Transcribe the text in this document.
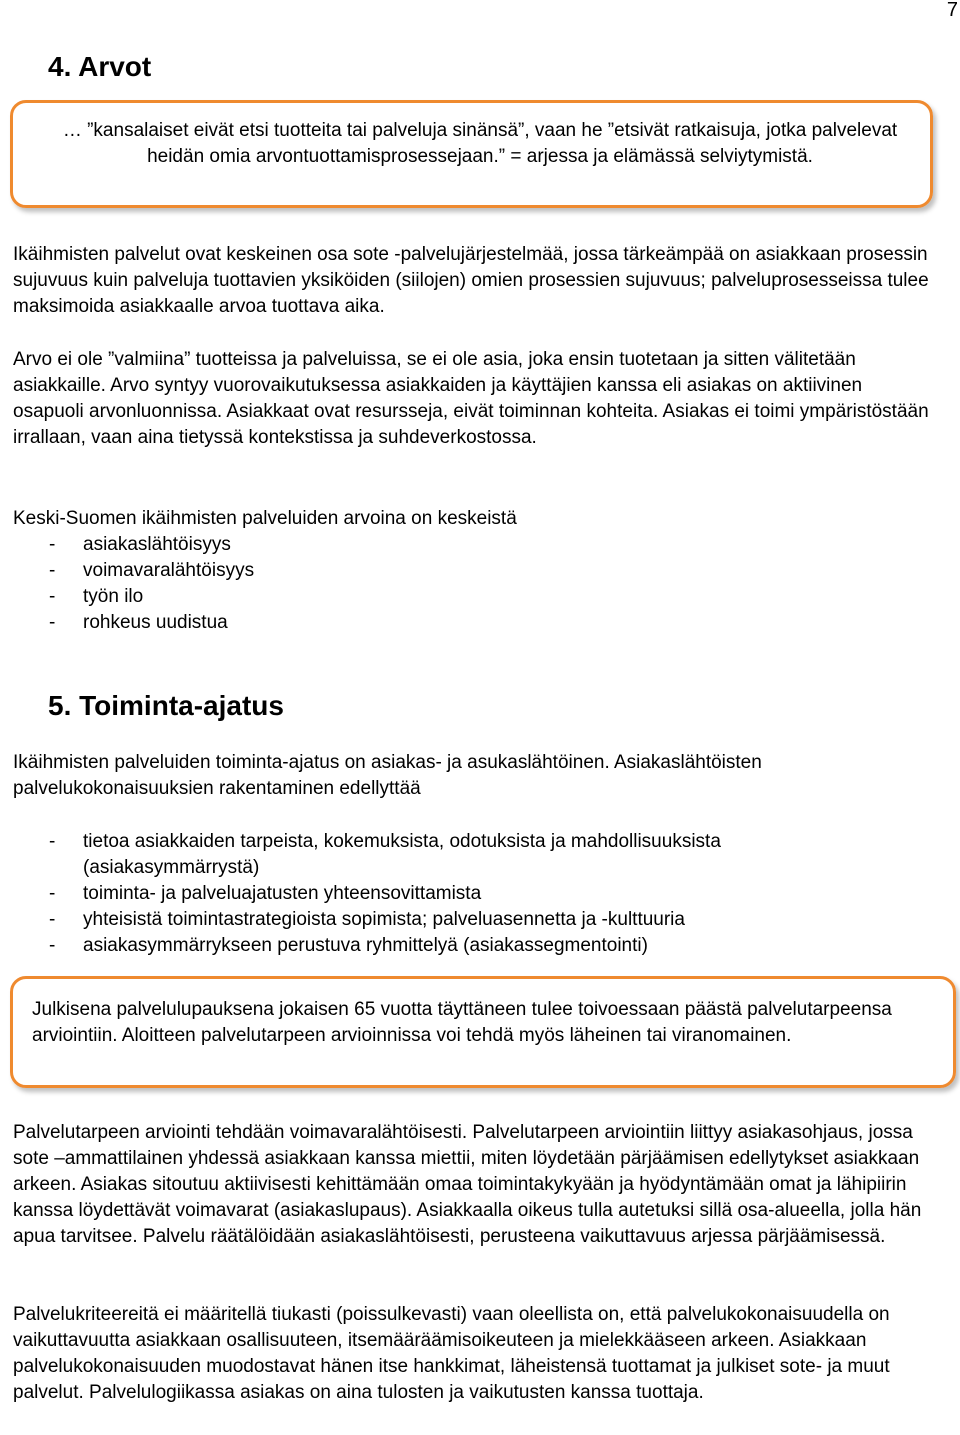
7
4. Arvot
… ”kansalaiset eivät etsi tuotteita tai palveluja sinänsä”, vaan he ”etsivät ratkaisuja, jotka palvelevat heidän omia arvontuottamisprosessejaan.” = arjessa ja elämässä selviytymistä.

Ikäihmisten palvelut ovat keskeinen osa sote -palvelujärjestelmää, jossa tärkeämpää on asiakkaan prosessin sujuvuus kuin palveluja tuottavien yksiköiden (siilojen) omien prosessien sujuvuus; palveluprosesseissa tulee maksimoida asiakkaalle arvoa tuottava aika.

Arvo ei ole ”valmiina” tuotteissa ja palveluissa, se ei ole asia, joka ensin tuotetaan ja sitten välitetään asiakkaille. Arvo syntyy vuorovaikutuksessa asiakkaiden ja käyttäjien kanssa eli asiakas on aktiivinen osapuoli arvonluonnissa. Asiakkaat ovat resursseja, eivät toiminnan kohteita. Asiakas ei toimi ympäristöstään irrallaan, vaan aina tietyssä kontekstissa ja suhdeverkostossa.

Keski-Suomen ikäihmisten palveluiden arvoina on keskeistä

- asiakaslähtöisyys
- voimavaralähtöisyys
- työn ilo
- rohkeus uudistua
5. Toiminta-ajatus

Ikäihmisten palveluiden toiminta-ajatus on asiakas- ja asukaslähtöinen. Asiakaslähtöisten palvelukokonaisuuksien rakentaminen edellyttää

- tietoa asiakkaiden tarpeista, kokemuksista, odotuksista ja mahdollisuuksista (asiakasymmärrystä)
- toiminta- ja palveluajatusten yhteensovittamista
- yhteisistä toimintastrategioista sopimista; palveluasennetta ja -kulttuuria
- asiakasymmärrykseen perustuva ryhmittelyä (asiakassegmentointi)

Julkisena palvelulupauksena jokaisen 65 vuotta täyttäneen tulee toivoessaan päästä palvelutarpeensa arviointiin. Aloitteen palvelutarpeen arvioinnissa voi tehdä myös läheinen tai viranomainen.

Palvelutarpeen arviointi tehdään voimavaralähtöisesti. Palvelutarpeen arviointiin liittyy asiakasohjaus, jossa sote –ammattilainen yhdessä asiakkaan kanssa miettii, miten löydetään pärjäämisen edellytykset asiakkaan arkeen. Asiakas sitoutuu aktiivisesti kehittämään omaa toimintakykyään ja hyödyntämään omat ja lähipiirin kanssa löydettävät voimavarat (asiakaslupaus). Asiakkaalla oikeus tulla autetuksi sillä osa-alueella, jolla hän apua tarvitsee. Palvelu räätälöidään asiakaslähtöisesti, perusteena vaikuttavuus arjessa pärjäämisessä.

Palvelukriteereitä ei määritellä tiukasti (poissulkevasti) vaan oleellista on, että palvelukokonaisuudella on vaikuttavuutta asiakkaan osallisuuteen, itsemääräämisoikeuteen ja mielekkääseen arkeen. Asiakkaan palvelukokonaisuuden muodostavat hänen itse hankkimat, läheistensä tuottamat ja julkiset sote- ja muut palvelut. Palvelulogiikassa asiakas on aina tulosten ja vaikutusten kanssa tuottaja.
